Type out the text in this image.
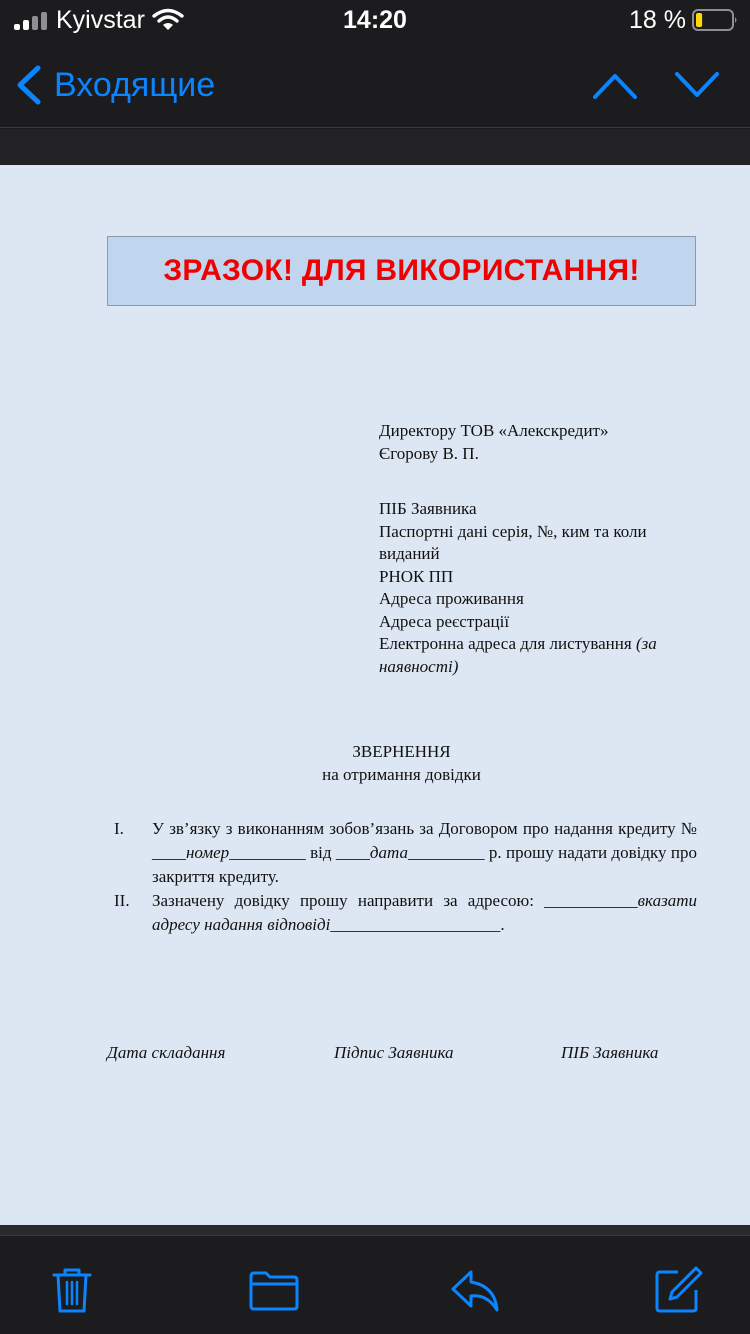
Kyivstar	14:20	18 %
Входящие
ЗРАЗОК! ДЛЯ ВИКОРИСТАННЯ!
Директору ТОВ «Алекскредит»
Єгорову В. П.
ПІБ Заявника
Паспортні дані серія, №, ким та коли виданий
РНОК ПП
Адреса проживання
Адреса реєстрації
Електронна адреса для листування (за наявності)
ЗВЕРНЕННЯ
на отримання довідки
I.	У зв’язку з виконанням зобов’язань за Договором про надання кредиту № ____номер_________ від ____дата_________ р. прошу надати довідку про закриття кредиту.
II.	Зазначену довідку прошу направити за адресою: ___________вказати адресу надання відповіді____________________.
Дата складання	Підпис Заявника	ПІБ Заявника
